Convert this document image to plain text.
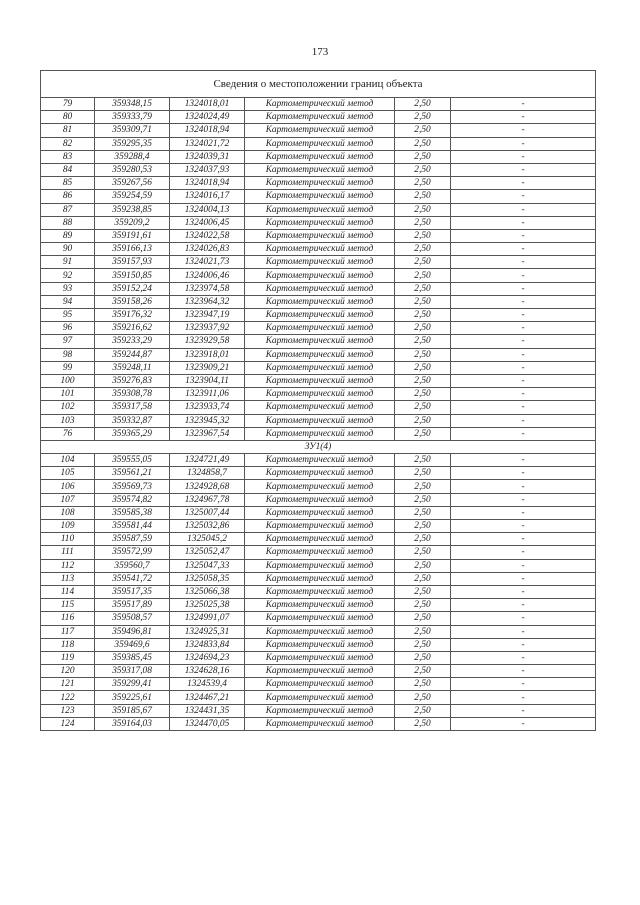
173
Сведения о местоположении границ объекта					
79	359348,15	1324018,01	Картометрический метод	2,50	-
80	359333,79	1324024,49	Картометрический метод	2,50	-
81	359309,71	1324018,94	Картометрический метод	2,50	-
82	359295,35	1324021,72	Картометрический метод	2,50	-
83	359288,4	1324039,31	Картометрический метод	2,50	-
84	359280,53	1324037,93	Картометрический метод	2,50	-
85	359267,56	1324018,94	Картометрический метод	2,50	-
86	359254,59	1324016,17	Картометрический метод	2,50	-
87	359238,85	1324004,13	Картометрический метод	2,50	-
88	359209,2	1324006,45	Картометрический метод	2,50	-
89	359191,61	1324022,58	Картометрический метод	2,50	-
90	359166,13	1324026,83	Картометрический метод	2,50	-
91	359157,93	1324021,73	Картометрический метод	2,50	-
92	359150,85	1324006,46	Картометрический метод	2,50	-
93	359152,24	1323974,58	Картометрический метод	2,50	-
94	359158,26	1323964,32	Картометрический метод	2,50	-
95	359176,32	1323947,19	Картометрический метод	2,50	-
96	359216,62	1323937,92	Картометрический метод	2,50	-
97	359233,29	1323929,58	Картометрический метод	2,50	-
98	359244,87	1323918,01	Картометрический метод	2,50	-
99	359248,11	1323909,21	Картометрический метод	2,50	-
100	359276,83	1323904,11	Картометрический метод	2,50	-
101	359308,78	1323911,06	Картометрический метод	2,50	-
102	359317,58	1323933,74	Картометрический метод	2,50	-
103	359332,87	1323945,32	Картометрический метод	2,50	-
76	359365,29	1323967,54	Картометрический метод	2,50	-
ЗУ1(4)					
104	359555,05	1324721,49	Картометрический метод	2,50	-
105	359561,21	1324858,7	Картометрический метод	2,50	-
106	359569,73	1324928,68	Картометрический метод	2,50	-
107	359574,82	1324967,78	Картометрический метод	2,50	-
108	359585,38	1325007,44	Картометрический метод	2,50	-
109	359581,44	1325032,86	Картометрический метод	2,50	-
110	359587,59	1325045,2	Картометрический метод	2,50	-
111	359572,99	1325052,47	Картометрический метод	2,50	-
112	359560,7	1325047,33	Картометрический метод	2,50	-
113	359541,72	1325058,35	Картометрический метод	2,50	-
114	359517,35	1325066,38	Картометрический метод	2,50	-
115	359517,89	1325025,38	Картометрический метод	2,50	-
116	359508,57	1324991,07	Картометрический метод	2,50	-
117	359496,81	1324925,31	Картометрический метод	2,50	-
118	359469,6	1324833,84	Картометрический метод	2,50	-
119	359385,45	1324694,23	Картометрический метод	2,50	-
120	359317,08	1324628,16	Картометрический метод	2,50	-
121	359299,41	1324539,4	Картометрический метод	2,50	-
122	359225,61	1324467,21	Картометрический метод	2,50	-
123	359185,67	1324431,35	Картометрический метод	2,50	-
124	359164,03	1324470,05	Картометрический метод	2,50	-
